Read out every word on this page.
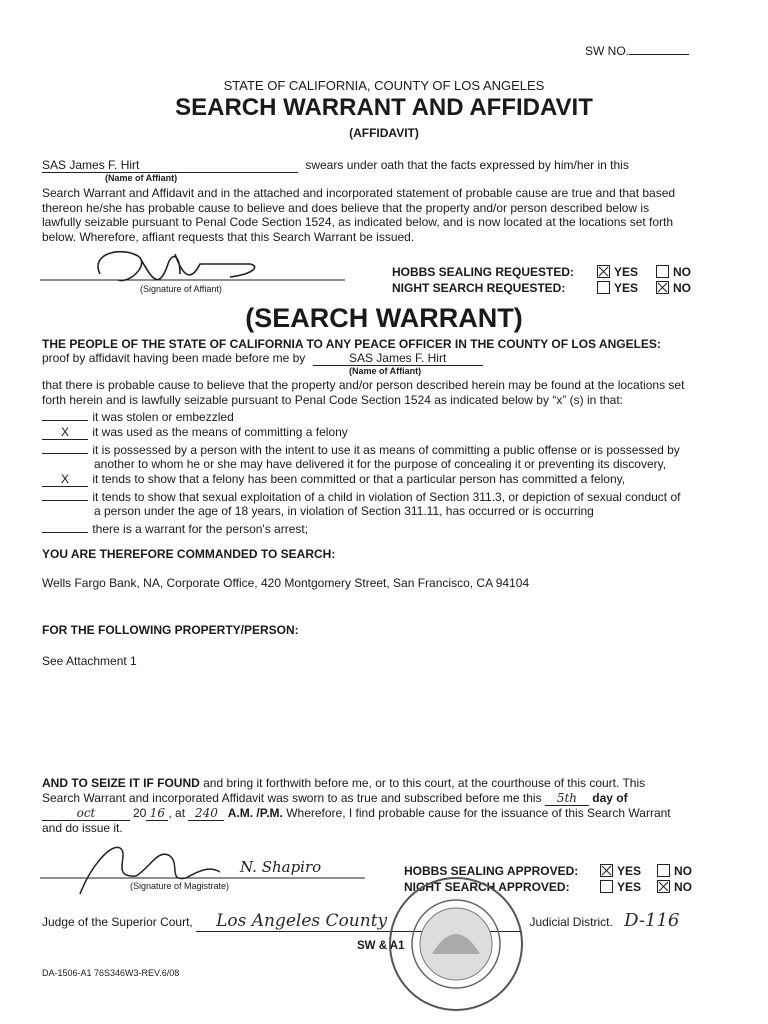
SW NO.
STATE OF CALIFORNIA, COUNTY OF LOS ANGELES
SEARCH WARRANT AND AFFIDAVIT
(AFFIDAVIT)
SAS James F. Hirt	swears under oath that the facts expressed by him/her in this
(Name of Affiant)
Search Warrant and Affidavit and in the attached and incorporated statement of probable cause are true and that based
thereon he/she has probable cause to believe and does believe that the property and/or person described below is
lawfully seizable pursuant to Penal Code Section 1524, as indicated below, and is now located at the locations set forth
below. Wherefore, affiant requests that this Search Warrant be issued.
(Signature of Affiant)
HOBBS SEALING REQUESTED:	YES	NO
NIGHT SEARCH REQUESTED:	YES	NO
(SEARCH WARRANT)
THE PEOPLE OF THE STATE OF CALIFORNIA TO ANY PEACE OFFICER IN THE COUNTY OF LOS ANGELES:
proof by affidavit having been made before me by	SAS James F. Hirt
(Name of Affiant)
that there is probable cause to believe that the property and/or person described herein may be found at the locations set
forth herein and is lawfully seizable pursuant to Penal Code Section 1524 as indicated below by “x” (s) in that:
it was stolen or embezzled
X it was used as the means of committing a felony
it is possessed by a person with the intent to use it as means of committing a public offense or is possessed by
another to whom he or she may have delivered it for the purpose of concealing it or preventing its discovery,
X it tends to show that a felony has been committed or that a particular person has committed a felony,
it tends to show that sexual exploitation of a child in violation of Section 311.3, or depiction of sexual conduct of
a person under the age of 18 years, in violation of Section 311.11, has occurred or is occurring
there is a warrant for the person's arrest;
YOU ARE THEREFORE COMMANDED TO SEARCH:
Wells Fargo Bank, NA, Corporate Office, 420 Montgomery Street, San Francisco, CA 94104
FOR THE FOLLOWING PROPERTY/PERSON:
See Attachment 1
AND TO SEIZE IT IF FOUND and bring it forthwith before me, or to this court, at the courthouse of this court. This
Search Warrant and incorporated Affidavit was sworn to as true and subscribed before me this 5th day of
oct	20 16 , at 240 A.M. /P.M. Wherefore, I find probable cause for the issuance of this Search Warrant
and do issue it.
N. Shapiro
(Signature of Magistrate)
HOBBS SEALING APPROVED:	YES	NO
NIGHT SEARCH APPROVED:	YES	NO
Judge of the Superior Court, Los Angeles County	Judicial District. D-116
SW & A1
DA-1506-A1 76S346W3-REV.6/08
